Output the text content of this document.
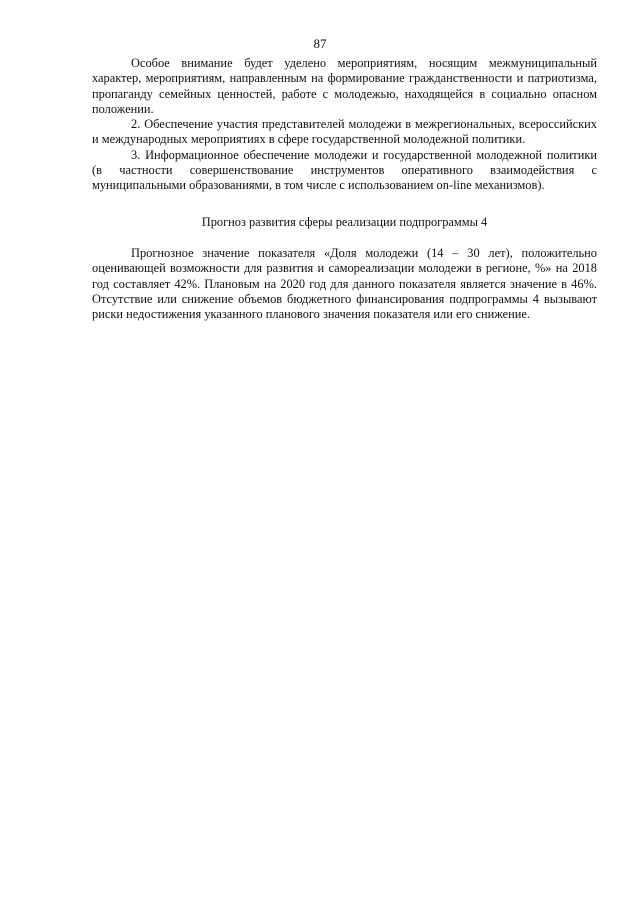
87

Особое внимание будет уделено мероприятиям, носящим межмуниципальный характер, мероприятиям, направленным на формирование гражданственности и патриотизма, пропаганду семейных ценностей, работе с молодежью, находящейся в социально опасном положении.

2. Обеспечение участия представителей молодежи в межрегиональных, всероссийских и международных мероприятиях в сфере государственной молодежной политики.

3. Информационное обеспечение молодежи и государственной молодежной политики (в частности совершенствование инструментов оперативного взаимодействия с муниципальными образованиями, в том числе с использованием on-line механизмов).

Прогноз развития сферы реализации подпрограммы 4

Прогнозное значение показателя «Доля молодежи (14 – 30 лет), положительно оценивающей возможности для развития и самореализации молодежи в регионе, %» на 2018 год составляет 42%. Плановым на 2020 год для данного показателя является значение в 46%. Отсутствие или снижение объемов бюджетного финансирования подпрограммы 4 вызывают риски недостижения указанного планового значения показателя или его снижение.
